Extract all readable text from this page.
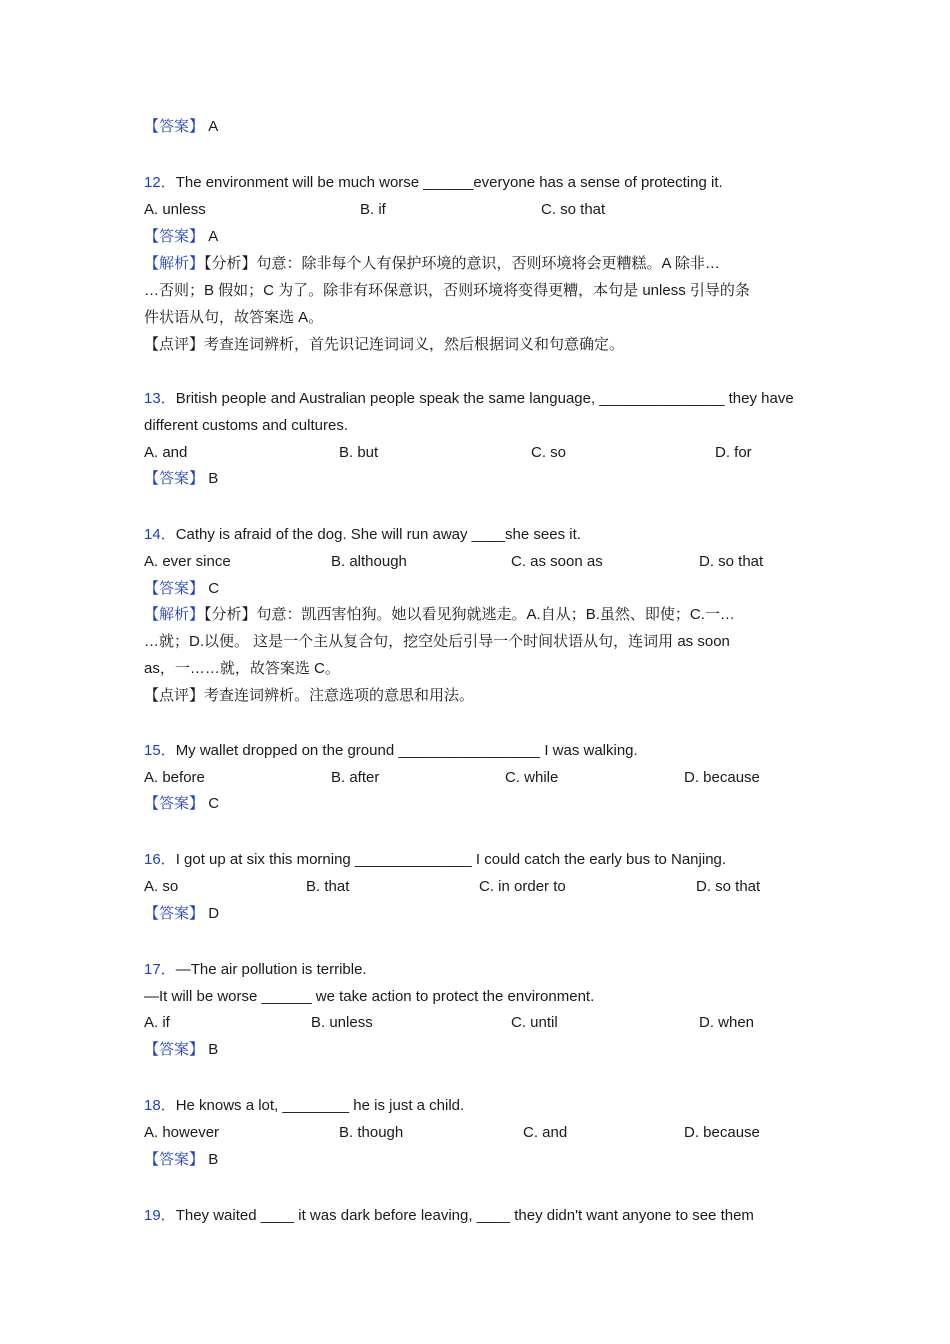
【答案】 A
12．The environment will be much worse ______everyone has a sense of protecting it.
A. unless	B. if	C. so that
【答案】 A
【解析】【分析】句意：除非每个人有保护环境的意识，否则环境将会更糟糕。A 除非…
…否则；B 假如；C 为了。除非有环保意识，否则环境将变得更糟，本句是 unless 引导的条
件状语从句，故答案选 A。
【点评】考查连词辨析，首先识记连词词义，然后根据词义和句意确定。
13．British people and Australian people speak the same language, _______________ they have
different customs and cultures.
A. and	B. but	C. so	D. for
【答案】 B
14．Cathy is afraid of the dog. She will run away ____she sees it.
A. ever since	B. although	C. as soon as	D. so that
【答案】 C
【解析】【分析】句意：凯西害怕狗。她以看见狗就逃走。A.自从；B.虽然、即使；C.一…
…就；D.以便。 这是一个主从复合句，挖空处后引导一个时间状语从句，连词用 as soon
as，一……就，故答案选 C。
【点评】考查连词辨析。注意选项的意思和用法。
15．My wallet dropped on the ground _________________ I was walking.
A. before	B. after	C. while	D. because
【答案】 C
16．I got up at six this morning ______________ I could catch the early bus to Nanjing.
A. so	B. that	C. in order to	D. so that
【答案】 D
17．—The air pollution is terrible.
—It will be worse ______ we take action to protect the environment.
A. if	B. unless	C. until	D. when
【答案】 B
18．He knows a lot, ________ he is just a child.
A. however	B. though	C. and	D. because
【答案】 B
19．They waited ____ it was dark before leaving, ____ they didn't want anyone to see them
